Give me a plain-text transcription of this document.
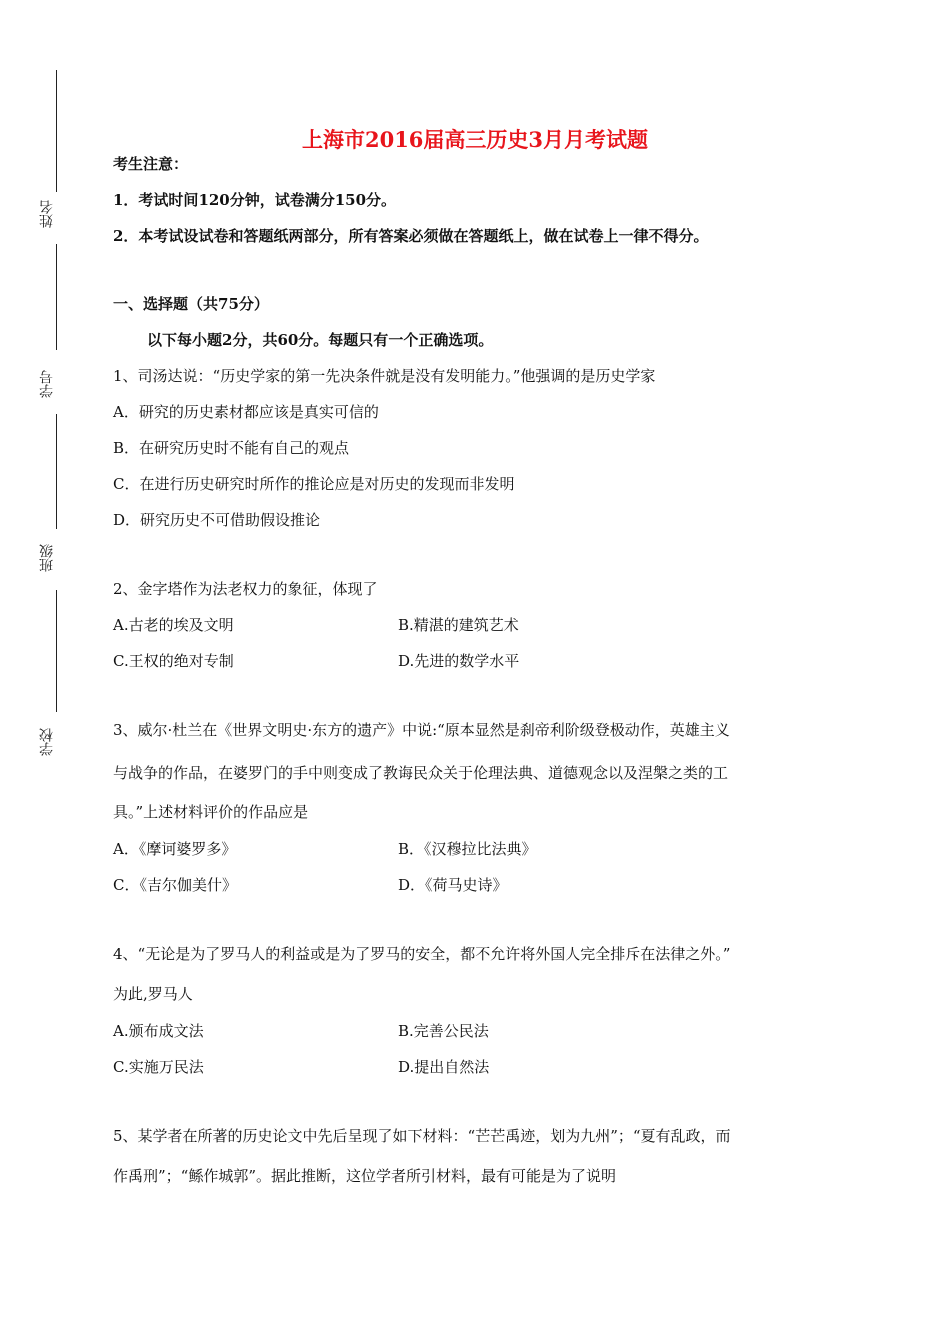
姓名
学号
班级
学校
上海市2016届高三历史3月月考试题
考生注意：
1．考试时间120分钟，试卷满分150分。
2．本考试设试卷和答题纸两部分，所有答案必须做在答题纸上，做在试卷上一律不得分。
一、选择题（共75分）
以下每小题2分，共60分。每题只有一个正确选项。
1、司汤达说：“历史学家的第一先决条件就是没有发明能力。”他强调的是历史学家
A．研究的历史素材都应该是真实可信的
B．在研究历史时不能有自己的观点
C．在进行历史研究时所作的推论应是对历史的发现而非发明
D．研究历史不可借助假设推论
2、金字塔作为法老权力的象征，体现了
A.古老的埃及文明	B.精湛的建筑艺术
C.王权的绝对专制	D.先进的数学水平
3、威尔·杜兰在《世界文明史·东方的遗产》中说:“原本显然是刹帝利阶级登极动作，英雄主义
与战争的作品，在婆罗门的手中则变成了教诲民众关于伦理法典、道德观念以及涅槃之类的工
具。”上述材料评价的作品应是
A．《摩诃婆罗多》	B．《汉穆拉比法典》
C．《吉尔伽美什》	D．《荷马史诗》
4、“无论是为了罗马人的利益或是为了罗马的安全，都不允许将外国人完全排斥在法律之外。”
为此,罗马人
A.颁布成文法	B.完善公民法
C.实施万民法	D.提出自然法
5、某学者在所著的历史论文中先后呈现了如下材料：“芒芒禹迹，划为九州”；“夏有乱政，而
作禹刑”；“鲧作城郭”。据此推断，这位学者所引材料，最有可能是为了说明
